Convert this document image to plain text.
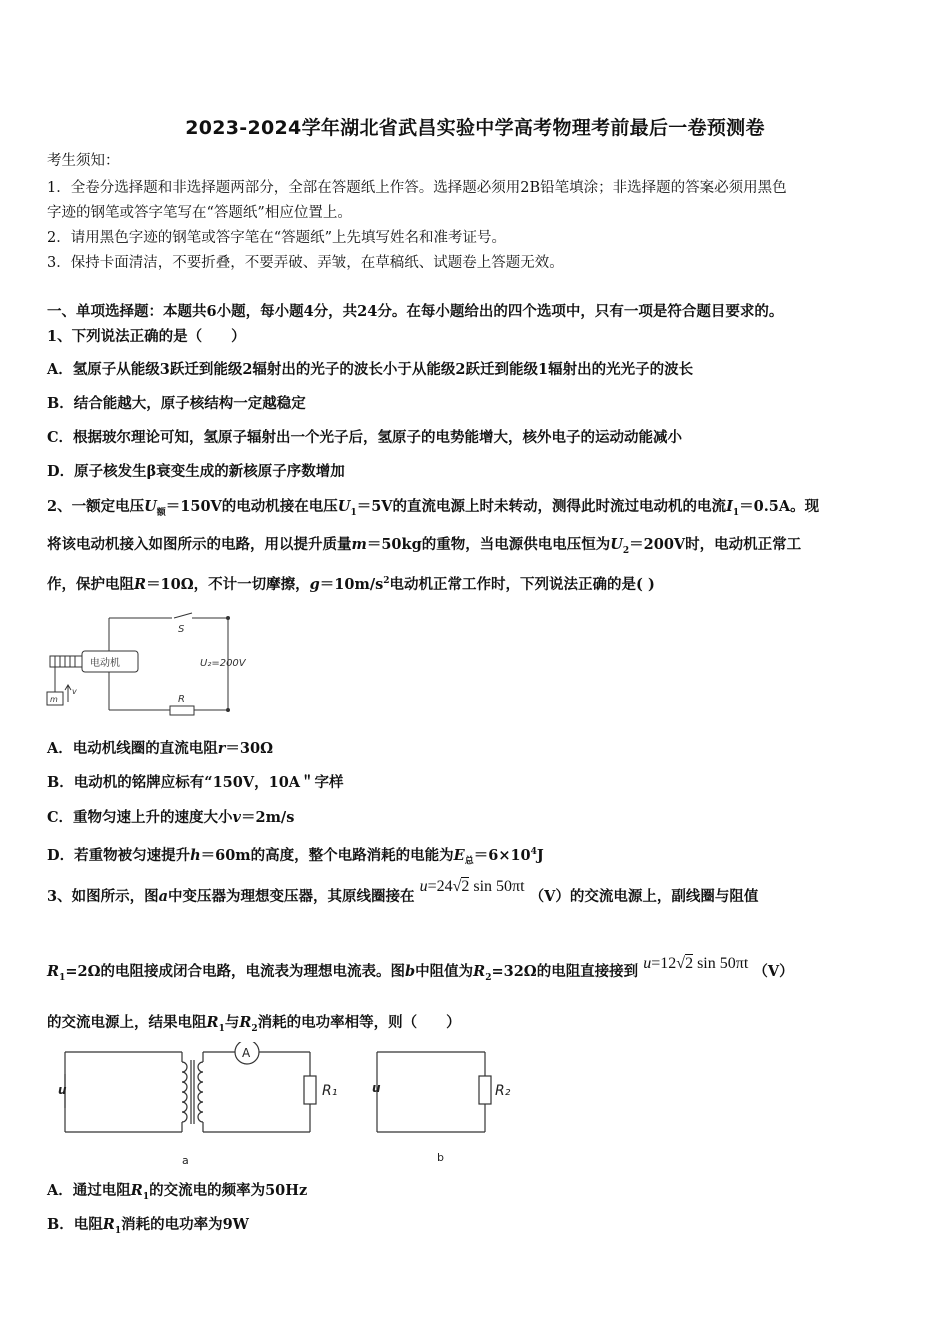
2023-2024学年湖北省武昌实验中学高考物理考前最后一卷预测卷
考生须知：
1．全卷分选择题和非选择题两部分，全部在答题纸上作答。选择题必须用2B铅笔填涂；非选择题的答案必须用黑色
字迹的钢笔或答字笔写在“答题纸”相应位置上。
2．请用黑色字迹的钢笔或答字笔在“答题纸”上先填写姓名和准考证号。
3．保持卡面清洁，不要折叠，不要弄破、弄皱，在草稿纸、试题卷上答题无效。
一、单项选择题：本题共6小题，每小题4分，共24分。在每小题给出的四个选项中，只有一项是符合题目要求的。
1、下列说法正确的是（　　）
A．氢原子从能级3跃迁到能级2辐射出的光子的波长小于从能级2跃迁到能级1辐射出的光光子的波长
B．结合能越大，原子核结构一定越稳定
C．根据玻尔理论可知，氢原子辐射出一个光子后，氢原子的电势能增大，核外电子的运动动能减小
D．原子核发生β衰变生成的新核原子序数增加
2、一额定电压$U_额=150V$的电动机接在电压$U_1=5V$的直流电源上时未转动，测得此时流过电动机的电流$I_1=0.5A$。现
将该电动机接入如图所示的电路，用以提升质量m＝50kg的重物，当电源供电电压恒为$U_2=200V$时，电动机正常工
作，保护电阻R＝10Ω，不计一切摩擦，$g=10m/s^2$电动机正常工作时，下列说法正确的是( )
电动机
S
U₂=200V
R
m
v
A．电动机线圈的直流电阻r＝30Ω
B．电动机的铭牌应标有“150V，10A＂字样
C．重物匀速上升的速度大小v＝2m/s
D．若重物被匀速提升h＝60m的高度，整个电路消耗的电能为$E_总=6\times 10^4J$
3、如图所示，图a中变压器为理想变压器，其原线圈接在 u=24√2 sin 50πt （V）的交流电源上，副线圈与阻值
$R_1=2\Omega$的电阻接成闭合电路，电流表为理想电流表。图b中阻值为$R_2=32\Omega$的电阻直接接到 u=12√2 sin 50πt （V）
的交流电源上，结果电阻$R_1$与$R_2$消耗的电功率相等，则（　　）
u
A
R₁
a
u	R₂
b
A．通过电阻$R_1$的交流电的频率为50Hz
B．电阻$R_1$消耗的电功率为9W
